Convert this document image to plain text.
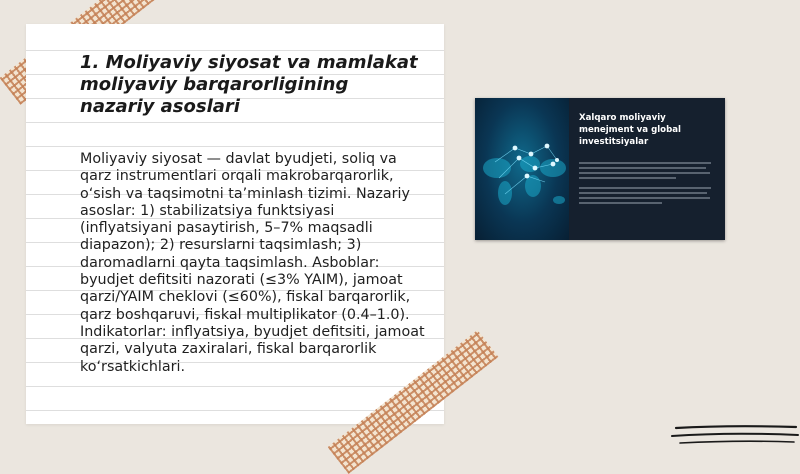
1. Moliyaviy siyosat va mamlakat moliyaviy barqarorligining nazariy asoslari

Moliyaviy siyosat — davlat byudjeti, soliq va qarz instrumentlari orqali makrobarqarorlik, o‘sish va taqsimotni ta’minlash tizimi. Nazariy asoslar: 1) stabilizatsiya funktsiyasi (inflyatsiyani pasaytirish, 5–7% maqsadli diapazon); 2) resurslarni taqsimlash; 3) daromadlarni qayta taqsimlash. Asboblar: byudjet defitsiti nazorati (≤3% YAIM), jamoat qarzi/YAIM cheklovi (≤60%), fiskal barqarorlik, qarz boshqaruvi, fiskal multiplikator (0.4–1.0). Indikatorlar: inflyatsiya, byudjet defitsiti, jamoat qarzi, valyuta zaxiralari, fiskal barqarorlik ko‘rsatkichlari.

Xalqaro moliyaviy menejment va global investitsiyalar
